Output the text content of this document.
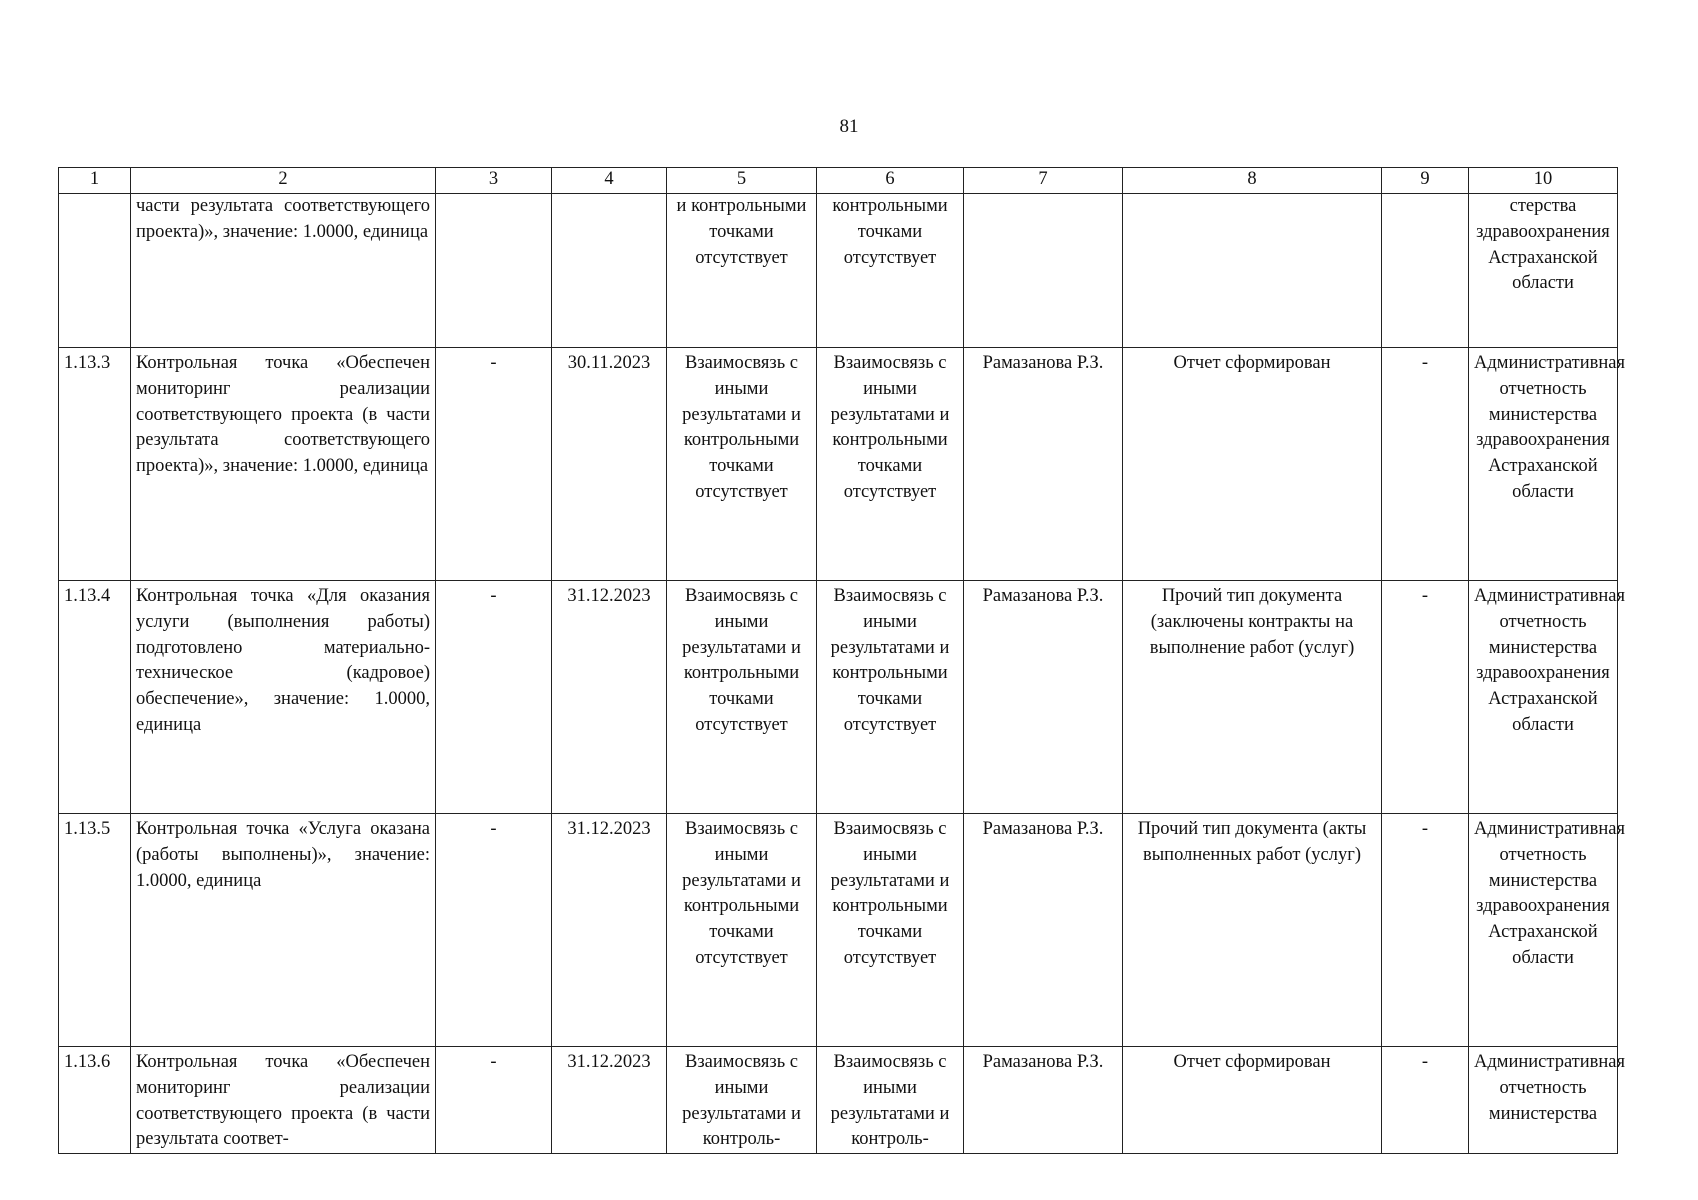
81
1	2	3	4	5	6	7	8	9	10

	части результата соответствующего проекта)», значение: 1.0000, единица			и контрольными точками отсутствует	контрольными точками отсутствует				стерства здравоохранения Астраханской области

1.13.3	Контрольная точка «Обеспечен мониторинг реализации соответствующего проекта (в части результата соответствующего проекта)», значение: 1.0000, единица	-	30.11.2023	Взаимосвязь с иными результатами и контрольными точками отсутствует	Взаимосвязь с иными результатами и контрольными точками отсутствует	Рамазанова Р.З.	Отчет сформирован	-	Административная отчетность министерства здравоохранения Астраханской области

1.13.4	Контрольная точка «Для оказания услуги (выполнения работы) подготовлено материально-техническое (кадровое) обеспечение», значение: 1.0000, единица	-	31.12.2023	Взаимосвязь с иными результатами и контрольными точками отсутствует	Взаимосвязь с иными результатами и контрольными точками отсутствует	Рамазанова Р.З.	Прочий тип документа (заключены контракты на выполнение работ (услуг)	-	Административная отчетность министерства здравоохранения Астраханской области

1.13.5	Контрольная точка «Услуга оказана (работы выполнены)», значение: 1.0000, единица	-	31.12.2023	Взаимосвязь с иными результатами и контрольными точками отсутствует	Взаимосвязь с иными результатами и контрольными точками отсутствует	Рамазанова Р.З.	Прочий тип документа (акты выполненных работ (услуг)	-	Административная отчетность министерства здравоохранения Астраханской области

1.13.6	Контрольная точка «Обеспечен мониторинг реализации соответствующего проекта (в части результата соответ-	-	31.12.2023	Взаимосвязь с иными результатами и контроль-	Взаимосвязь с иными результатами и контроль-	Рамазанова Р.З.	Отчет сформирован	-	Административная отчетность министерства
